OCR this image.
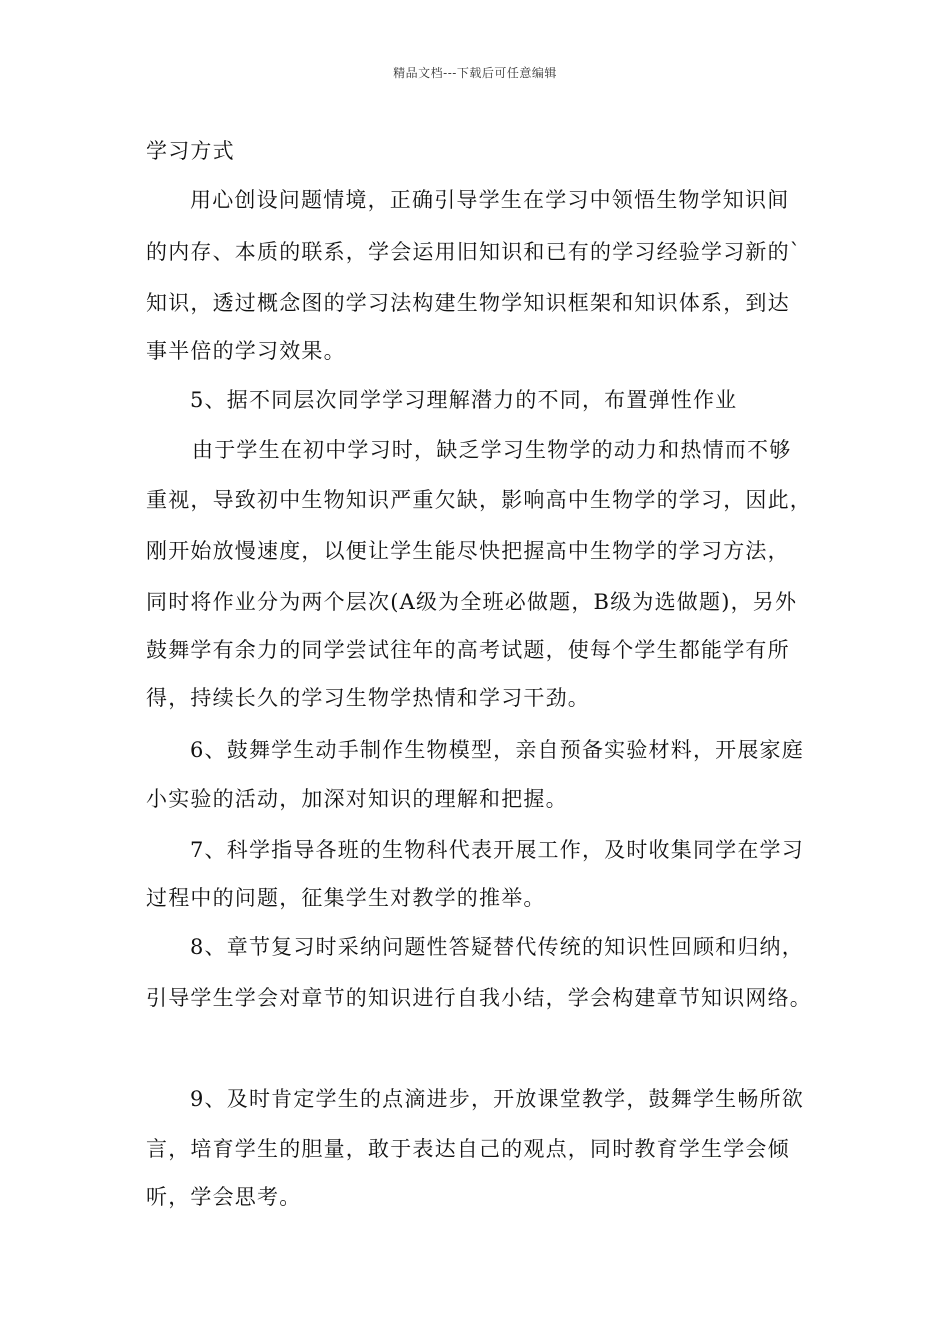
精品文档---下载后可任意编辑
学习方式
用心创设问题情境，正确引导学生在学习中领悟生物学知识间
的内存、本质的联系，学会运用旧知识和已有的学习经验学习新的`
知识，透过概念图的学习法构建生物学知识框架和知识体系，到达
事半倍的学习效果。
5、据不同层次同学学习理解潜力的不同，布置弹性作业
由于学生在初中学习时，缺乏学习生物学的动力和热情而不够
重视，导致初中生物知识严重欠缺，影响高中生物学的学习，因此，
刚开始放慢速度，以便让学生能尽快把握高中生物学的学习方法，
同时将作业分为两个层次(A级为全班必做题，B级为选做题)，另外
鼓舞学有余力的同学尝试往年的高考试题，使每个学生都能学有所
得，持续长久的学习生物学热情和学习干劲。
6、鼓舞学生动手制作生物模型，亲自预备实验材料，开展家庭
小实验的活动，加深对知识的理解和把握。
7、科学指导各班的生物科代表开展工作，及时收集同学在学习
过程中的问题，征集学生对教学的推举。
8、章节复习时采纳问题性答疑替代传统的知识性回顾和归纳，
引导学生学会对章节的知识进行自我小结，学会构建章节知识网络。
9、及时肯定学生的点滴进步，开放课堂教学，鼓舞学生畅所欲
言，培育学生的胆量，敢于表达自己的观点，同时教育学生学会倾
听，学会思考。
